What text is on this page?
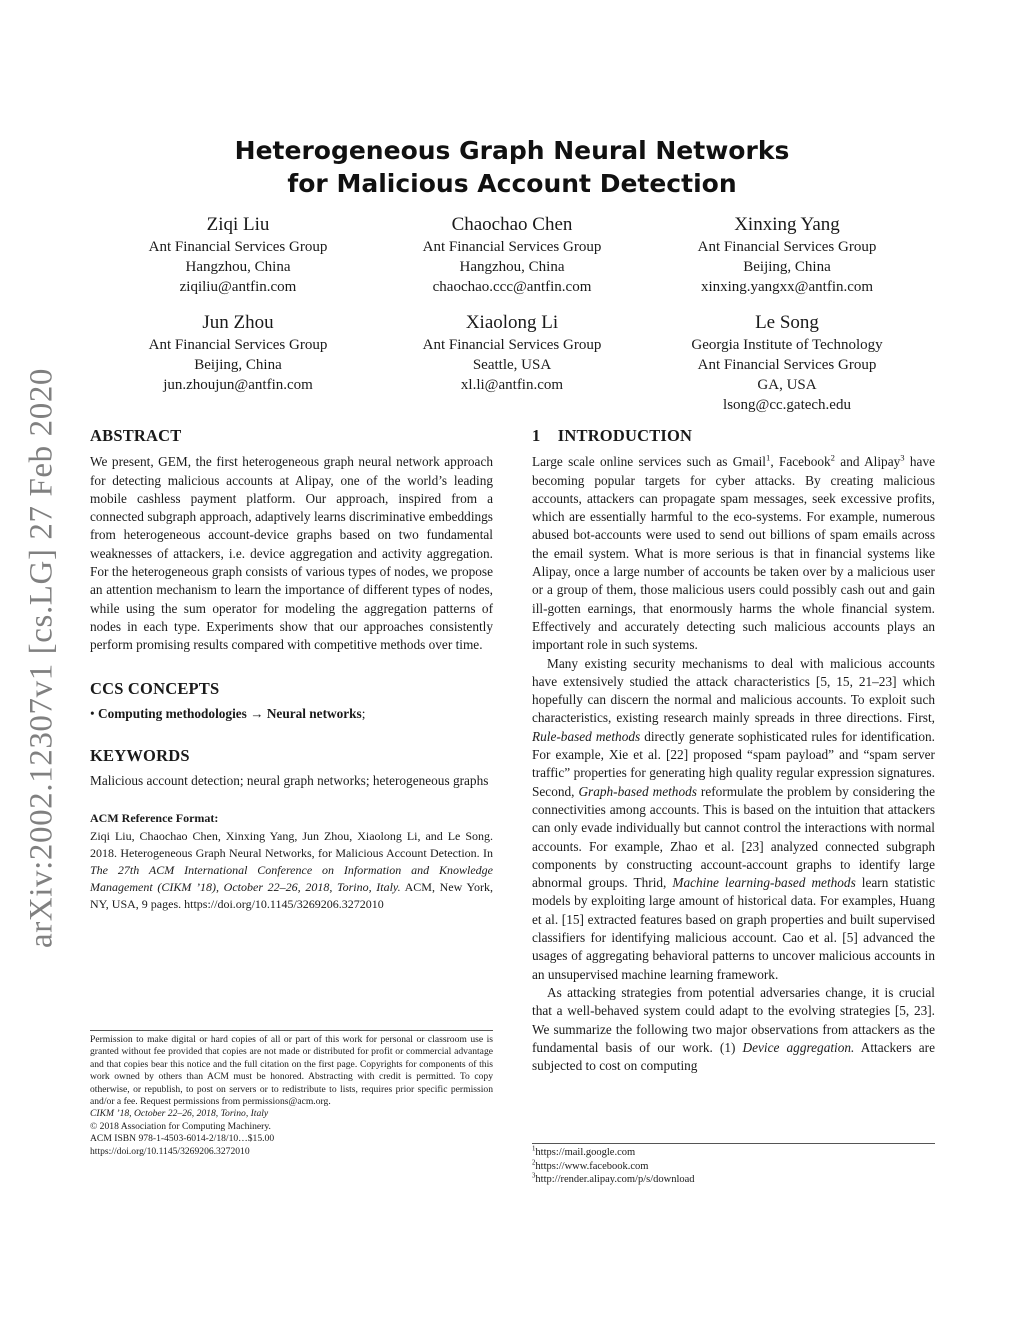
arXiv:2002.12307v1 [cs.LG] 27 Feb 2020
Heterogeneous Graph Neural Networks
for Malicious Account Detection
Ziqi Liu
Ant Financial Services Group
Hangzhou, China
ziqiliu@antfin.com
Chaochao Chen
Ant Financial Services Group
Hangzhou, China
chaochao.ccc@antfin.com
Xinxing Yang
Ant Financial Services Group
Beijing, China
xinxing.yangxx@antfin.com
Jun Zhou
Ant Financial Services Group
Beijing, China
jun.zhoujun@antfin.com
Xiaolong Li
Ant Financial Services Group
Seattle, USA
xl.li@antfin.com
Le Song
Georgia Institute of Technology
Ant Financial Services Group
GA, USA
lsong@cc.gatech.edu
ABSTRACT

We present, GEM, the first heterogeneous graph neural network approach for detecting malicious accounts at Alipay, one of the world’s leading mobile cashless payment platform. Our approach, inspired from a connected subgraph approach, adaptively learns discriminative embeddings from heterogeneous account-device graphs based on two fundamental weaknesses of attackers, i.e. device aggregation and activity aggregation. For the heterogeneous graph consists of various types of nodes, we propose an attention mechanism to learn the importance of different types of nodes, while using the sum operator for modeling the aggregation patterns of nodes in each type. Experiments show that our approaches consistently perform promising results compared with competitive methods over time.

CCS CONCEPTS

• Computing methodologies → Neural networks;

KEYWORDS

Malicious account detection; neural graph networks; heterogeneous graphs

ACM Reference Format:

Ziqi Liu, Chaochao Chen, Xinxing Yang, Jun Zhou, Xiaolong Li, and Le Song. 2018. Heterogeneous Graph Neural Networks, for Malicious Account Detection. In The 27th ACM International Conference on Information and Knowledge Management (CIKM ’18), October 22–26, 2018, Torino, Italy. ACM, New York, NY, USA, 9 pages. https://doi.org/10.1145/3269206.3272010

Permission to make digital or hard copies of all or part of this work for personal or classroom use is granted without fee provided that copies are not made or distributed for profit or commercial advantage and that copies bear this notice and the full citation on the first page. Copyrights for components of this work owned by others than ACM must be honored. Abstracting with credit is permitted. To copy otherwise, or republish, to post on servers or to redistribute to lists, requires prior specific permission and/or a fee. Request permissions from permissions@acm.org.
CIKM ’18, October 22–26, 2018, Torino, Italy
© 2018 Association for Computing Machinery.
ACM ISBN 978-1-4503-6014-2/18/10…$15.00
https://doi.org/10.1145/3269206.3272010
1    INTRODUCTION

Large scale online services such as Gmail$^1$, Facebook$^2$ and Alipay$^3$ have becoming popular targets for cyber attacks. By creating malicious accounts, attackers can propagate spam messages, seek excessive profits, which are essentially harmful to the eco-systems. For example, numerous abused bot-accounts were used to send out billions of spam emails across the email system. What is more serious is that in financial systems like Alipay, once a large number of accounts be taken over by a malicious user or a group of them, those malicious users could possibly cash out and gain ill-gotten earnings, that enormously harms the whole financial system. Effectively and accurately detecting such malicious accounts plays an important role in such systems.

Many existing security mechanisms to deal with malicious accounts have extensively studied the attack characteristics [5, 15, 21–23] which hopefully can discern the normal and malicious accounts. To exploit such characteristics, existing research mainly spreads in three directions. First, Rule-based methods directly generate sophisticated rules for identification. For example, Xie et al. [22] proposed “spam payload” and “spam server traffic” properties for generating high quality regular expression signatures. Second, Graph-based methods reformulate the problem by considering the connectivities among accounts. This is based on the intuition that attackers can only evade individually but cannot control the interactions with normal accounts. For example, Zhao et al. [23] analyzed connected subgraph components by constructing account-account graphs to identify large abnormal groups. Thrid, Machine learning-based methods learn statistic models by exploiting large amount of historical data. For examples, Huang et al. [15] extracted features based on graph properties and built supervised classifiers for identifying malicious account. Cao et al. [5] advanced the usages of aggregating behavioral patterns to uncover malicious accounts in an unsupervised machine learning framework.

As attacking strategies from potential adversaries change, it is crucial that a well-behaved system could adapt to the evolving strategies [5, 23]. We summarize the following two major observations from attackers as the fundamental basis of our work. (1) Device aggregation. Attackers are subjected to cost on computing

$^1$https://mail.google.com
$^2$https://www.facebook.com
$^3$http://render.alipay.com/p/s/download
